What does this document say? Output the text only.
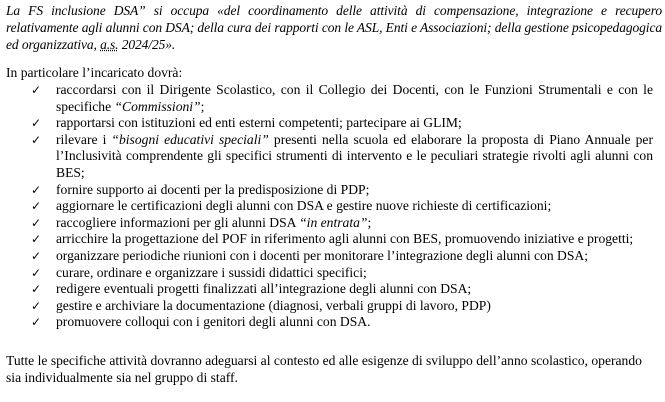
La FS inclusione DSA” si occupa «del coordinamento delle attività di compensazione, integrazione e recupero relativamente agli alunni con DSA; della cura dei rapporti con le ASL, Enti e Associazioni; della gestione psicopedagogica ed organizzativa, a.s. 2024/25».

In particolare l’incaricato dovrà:
✓ raccordarsi con il Dirigente Scolastico, con il Collegio dei Docenti, con le Funzioni Strumentali e con le specifiche “Commissioni”;
✓ rapportarsi con istituzioni ed enti esterni competenti; partecipare ai GLIM;
✓ rilevare i “bisogni educativi speciali” presenti nella scuola ed elaborare la proposta di Piano Annuale per l’Inclusività comprendente gli specifici strumenti di intervento e le peculiari strategie rivolti agli alunni con BES;
✓ fornire supporto ai docenti per la predisposizione di PDP;
✓ aggiornare le certificazioni degli alunni con DSA e gestire nuove richieste di certificazioni;
✓ raccogliere informazioni per gli alunni DSA “in entrata”;
✓ arricchire la progettazione del POF in riferimento agli alunni con BES, promuovendo iniziative e progetti;
✓ organizzare periodiche riunioni con i docenti per monitorare l’integrazione degli alunni con DSA;
✓ curare, ordinare e organizzare i sussidi didattici specifici;
✓ redigere eventuali progetti finalizzati all’integrazione degli alunni con DSA;
✓ gestire e archiviare la documentazione (diagnosi, verbali gruppi di lavoro, PDP)
✓ promuovere colloqui con i genitori degli alunni con DSA.
Tutte le specifiche attività dovranno adeguarsi al contesto ed alle esigenze di sviluppo dell’anno scolastico, operando sia individualmente sia nel gruppo di staff.
